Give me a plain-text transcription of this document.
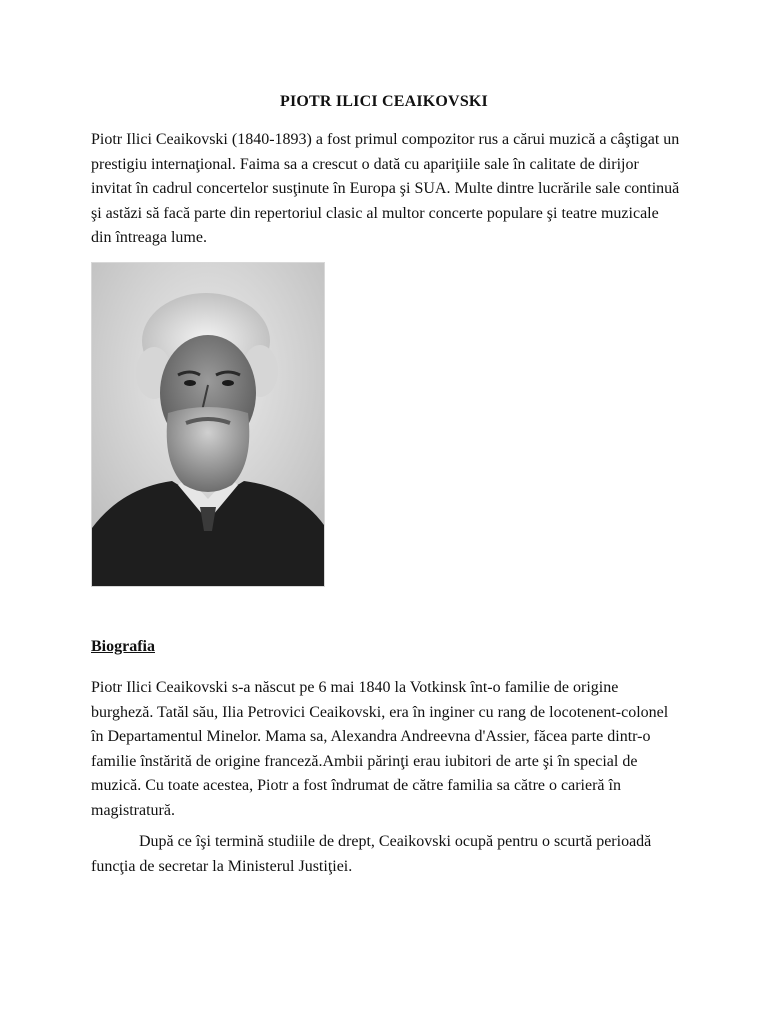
PIOTR ILICI CEAIKOVSKI

Piotr Ilici Ceaikovski (1840-1893) a fost primul compozitor rus a cărui muzică a câştigat un prestigiu internaţional. Faima sa a crescut o dată cu apariţiile sale în calitate de dirijor invitat în cadrul concertelor susţinute în Europa şi SUA. Multe dintre lucrările sale continuă şi astăzi să facă parte din repertoriul clasic al multor concerte populare şi teatre muzicale din întreaga lume.

Biografia

Piotr Ilici Ceaikovski s-a născut pe 6 mai 1840 la Votkinsk înt-o familie de origine burgheză. Tatăl său, Ilia Petrovici Ceaikovski, era în inginer cu rang de locotenent-colonel în Departamentul Minelor. Mama sa, Alexandra Andreevna d'Assier, făcea parte dintr-o familie înstărită de origine franceză.Ambii părinţi erau iubitori de arte şi în special de muzică. Cu toate acestea, Piotr a fost îndrumat de către familia sa către o carieră în magistratură.

După ce îşi termină studiile de drept, Ceaikovski ocupă pentru o scurtă perioadă funcţia de secretar la Ministerul Justiţiei.
